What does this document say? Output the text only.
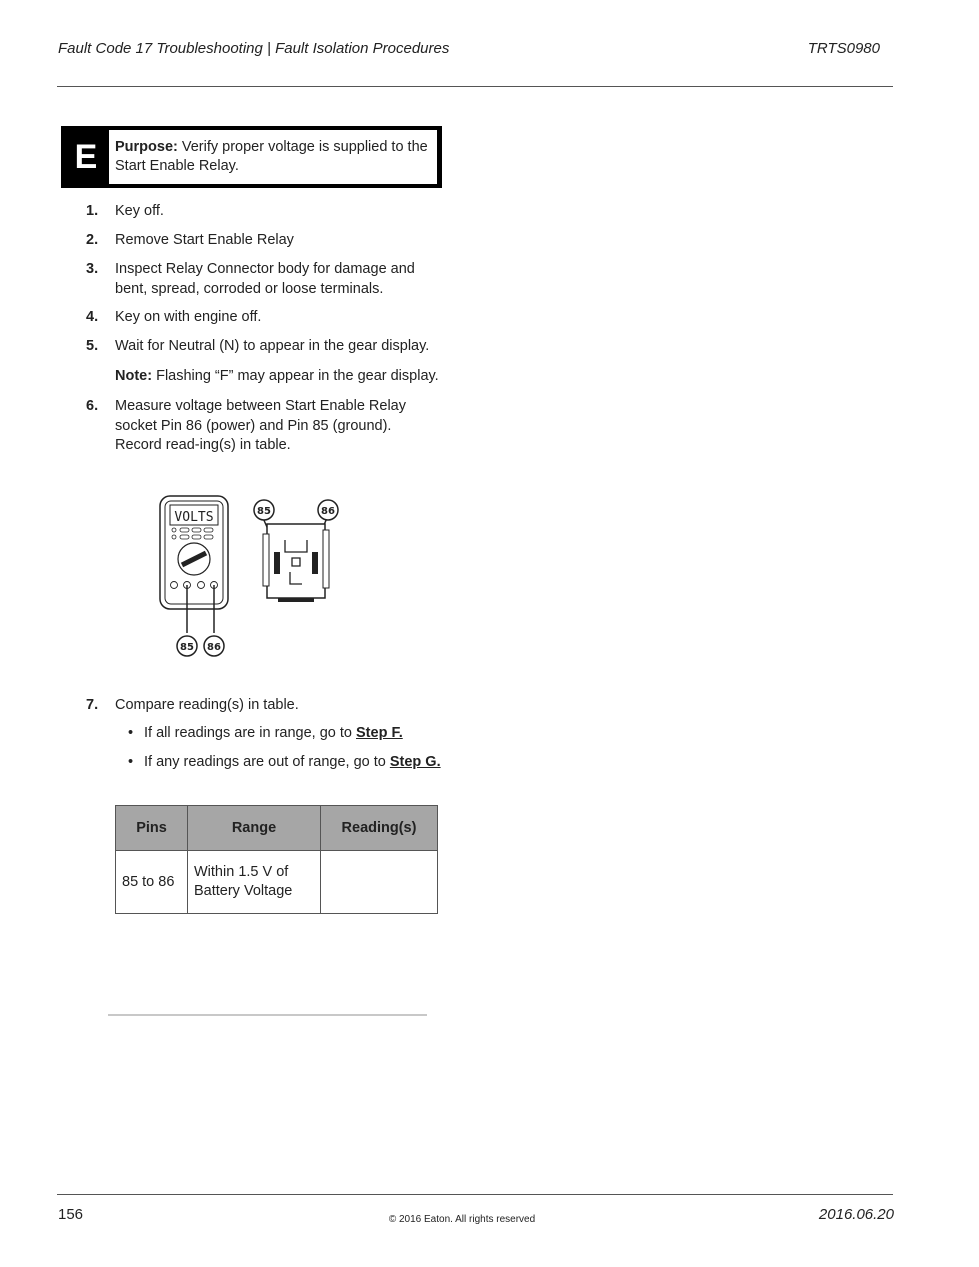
Fault Code 17 Troubleshooting | Fault Isolation Procedures	TRTS0980
E	Purpose: Verify proper voltage is supplied to the Start Enable Relay.
1.	Key off.
2.	Remove Start Enable Relay
3.	Inspect Relay Connector body for damage and bent, spread, corroded or loose terminals.
4.	Key on with engine off.
5.	Wait for Neutral (N) to appear in the gear display.
Note: Flashing “F” may appear in the gear display.
6.	Measure voltage between Start Enable Relay socket Pin 86 (power) and Pin 85 (ground). Record read-ing(s) in table.
VOLTS	85	86
85 86
7.	Compare reading(s) in table.
• If all readings are in range, go to Step F.
• If any readings are out of range, go to Step G.
Pins	Range	Reading(s)
85 to 86	Within 1.5 V of
Battery Voltage	
156	© 2016 Eaton. All rights reserved	2016.06.20
